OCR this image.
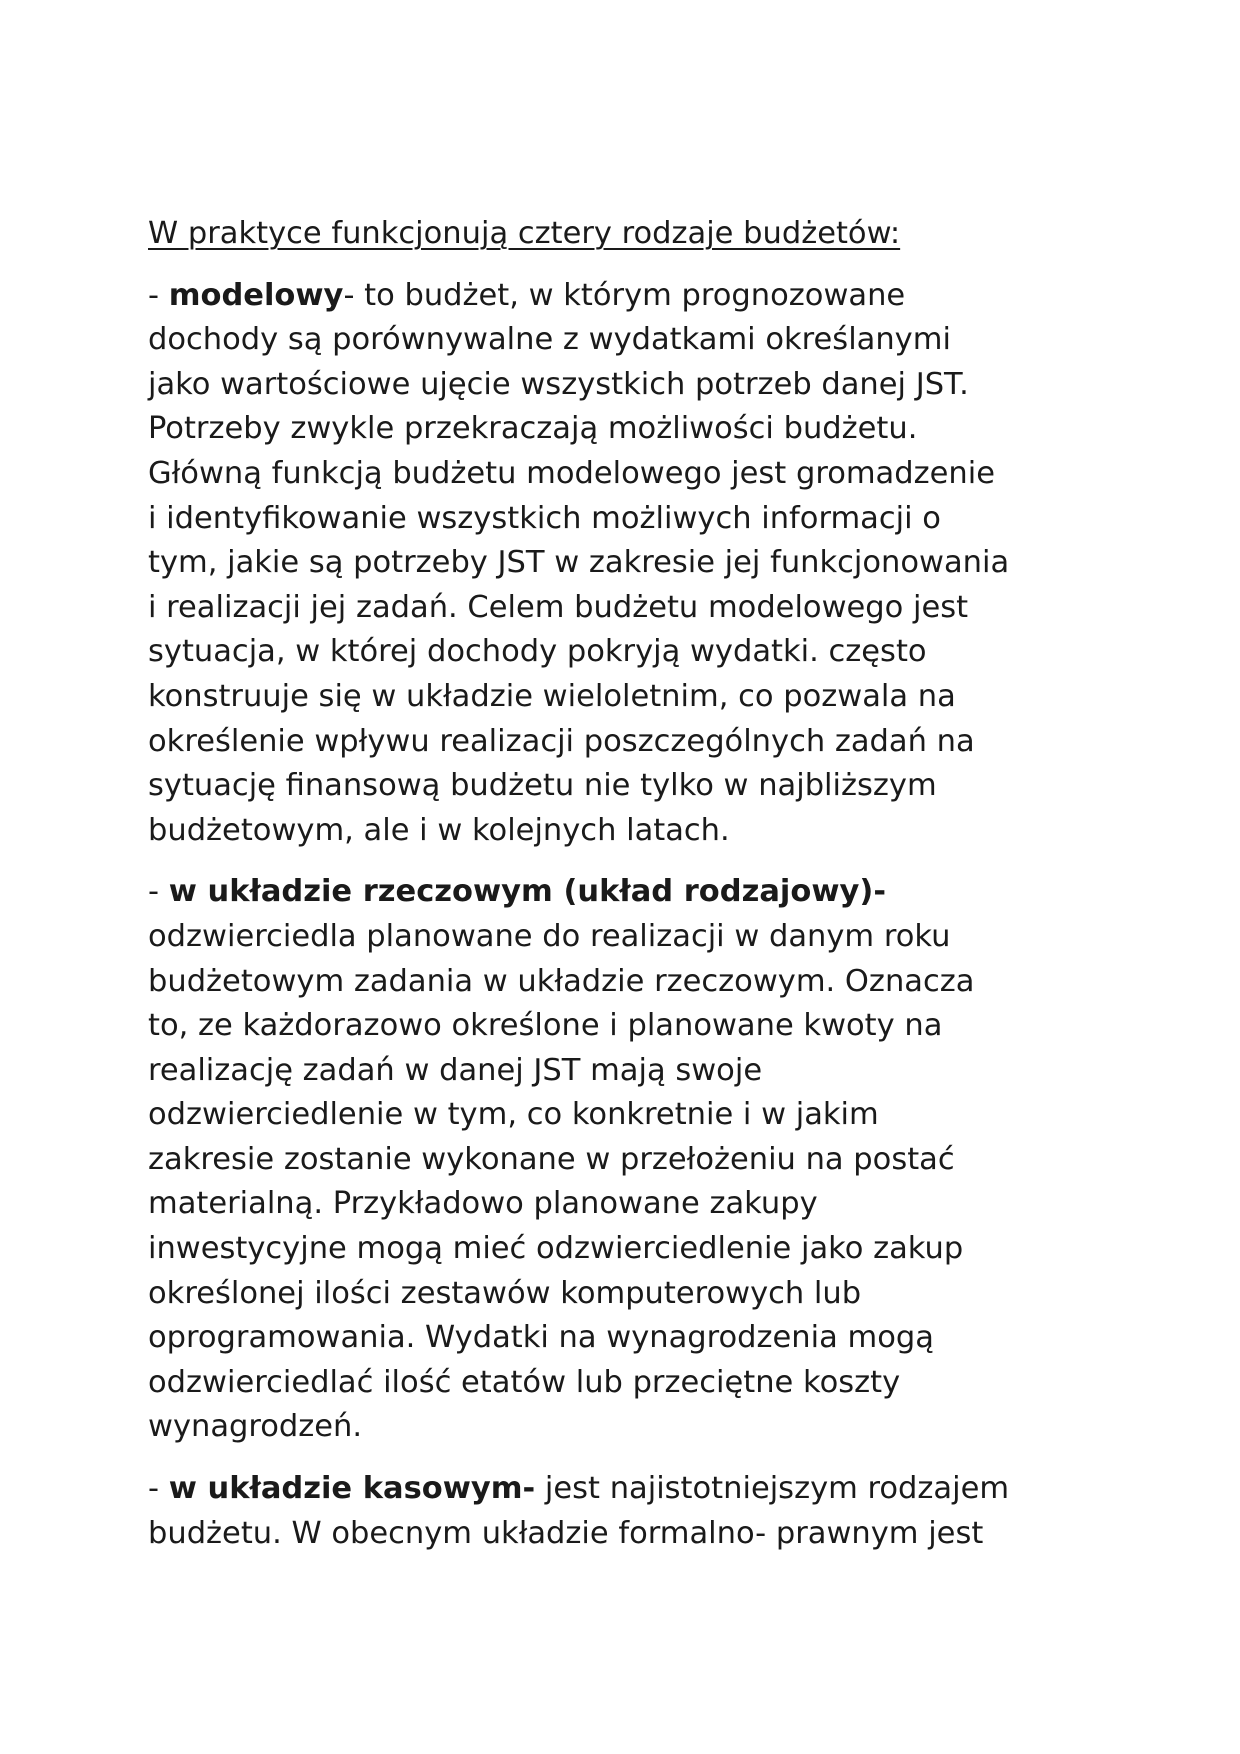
W praktyce funkcjonują cztery rodzaje budżetów:
- modelowy- to budżet, w którym prognozowane
dochody są porównywalne z wydatkami określanymi
jako wartościowe ujęcie wszystkich potrzeb danej JST.
Potrzeby zwykle przekraczają możliwości budżetu.
Główną funkcją budżetu modelowego jest gromadzenie
i identyfikowanie wszystkich możliwych informacji o
tym, jakie są potrzeby JST w zakresie jej funkcjonowania
i realizacji jej zadań. Celem budżetu modelowego jest
sytuacja, w której dochody pokryją wydatki. często
konstruuje się w układzie wieloletnim, co pozwala na
określenie wpływu realizacji poszczególnych zadań na
sytuację finansową budżetu nie tylko w najbliższym
budżetowym, ale i w kolejnych latach.
- w układzie rzeczowym (układ rodzajowy)-
odzwierciedla planowane do realizacji w danym roku
budżetowym zadania w układzie rzeczowym. Oznacza
to, ze każdorazowo określone i planowane kwoty na
realizację zadań w danej JST mają swoje
odzwierciedlenie w tym, co konkretnie i w jakim
zakresie zostanie wykonane w przełożeniu na postać
materialną. Przykładowo planowane zakupy
inwestycyjne mogą mieć odzwierciedlenie jako zakup
określonej ilości zestawów komputerowych lub
oprogramowania. Wydatki na wynagrodzenia mogą
odzwierciedlać ilość etatów lub przeciętne koszty
wynagrodzeń.
- w układzie kasowym- jest najistotniejszym rodzajem
budżetu. W obecnym układzie formalno- prawnym jest
